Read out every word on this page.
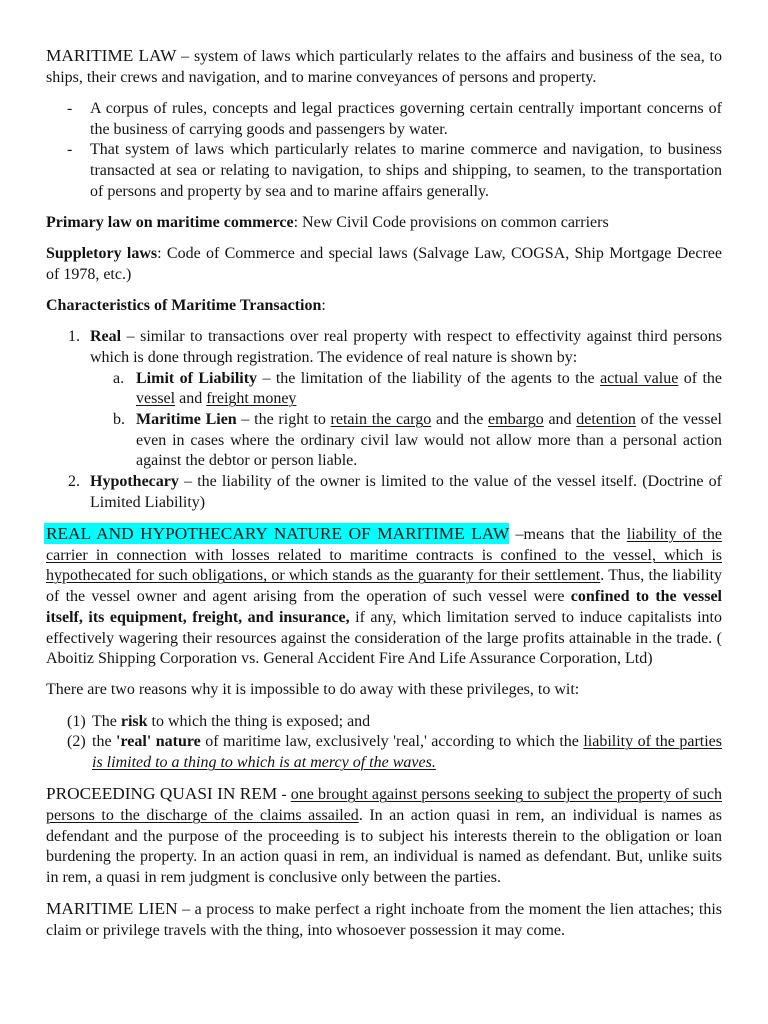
MARITIME LAW – system of laws which particularly relates to the affairs and business of the sea, to ships, their crews and navigation, and to marine conveyances of persons and property.

- A corpus of rules, concepts and legal practices governing certain centrally important concerns of the business of carrying goods and passengers by water.
- That system of laws which particularly relates to marine commerce and navigation, to business transacted at sea or relating to navigation, to ships and shipping, to seamen, to the transportation of persons and property by sea and to marine affairs generally.

Primary law on maritime commerce: New Civil Code provisions on common carriers

Suppletory laws: Code of Commerce and special laws (Salvage Law, COGSA, Ship Mortgage Decree of 1978, etc.)

Characteristics of Maritime Transaction:

1. Real – similar to transactions over real property with respect to effectivity against third persons which is done through registration. The evidence of real nature is shown by:
a. Limit of Liability – the limitation of the liability of the agents to the actual value of the vessel and freight money
b. Maritime Lien – the right to retain the cargo and the embargo and detention of the vessel even in cases where the ordinary civil law would not allow more than a personal action against the debtor or person liable.
2. Hypothecary – the liability of the owner is limited to the value of the vessel itself. (Doctrine of Limited Liability)

REAL AND HYPOTHECARY NATURE OF MARITIME LAW –means that the liability of the carrier in connection with losses related to maritime contracts is confined to the vessel, which is hypothecated for such obligations, or which stands as the guaranty for their settlement. Thus, the liability of the vessel owner and agent arising from the operation of such vessel were confined to the vessel itself, its equipment, freight, and insurance, if any, which limitation served to induce capitalists into effectively wagering their resources against the consideration of the large profits attainable in the trade. ( Aboitiz Shipping Corporation vs. General Accident Fire And Life Assurance Corporation, Ltd)

There are two reasons why it is impossible to do away with these privileges, to wit:

(1) The risk to which the thing is exposed; and
(2) the 'real' nature of maritime law, exclusively 'real,' according to which the liability of the parties is limited to a thing to which is at mercy of the waves.

PROCEEDING QUASI IN REM - one brought against persons seeking to subject the property of such persons to the discharge of the claims assailed. In an action quasi in rem, an individual is names as defendant and the purpose of the proceeding is to subject his interests therein to the obligation or loan burdening the property. In an action quasi in rem, an individual is named as defendant. But, unlike suits in rem, a quasi in rem judgment is conclusive only between the parties.

MARITIME LIEN – a process to make perfect a right inchoate from the moment the lien attaches; this claim or privilege travels with the thing, into whosoever possession it may come.
